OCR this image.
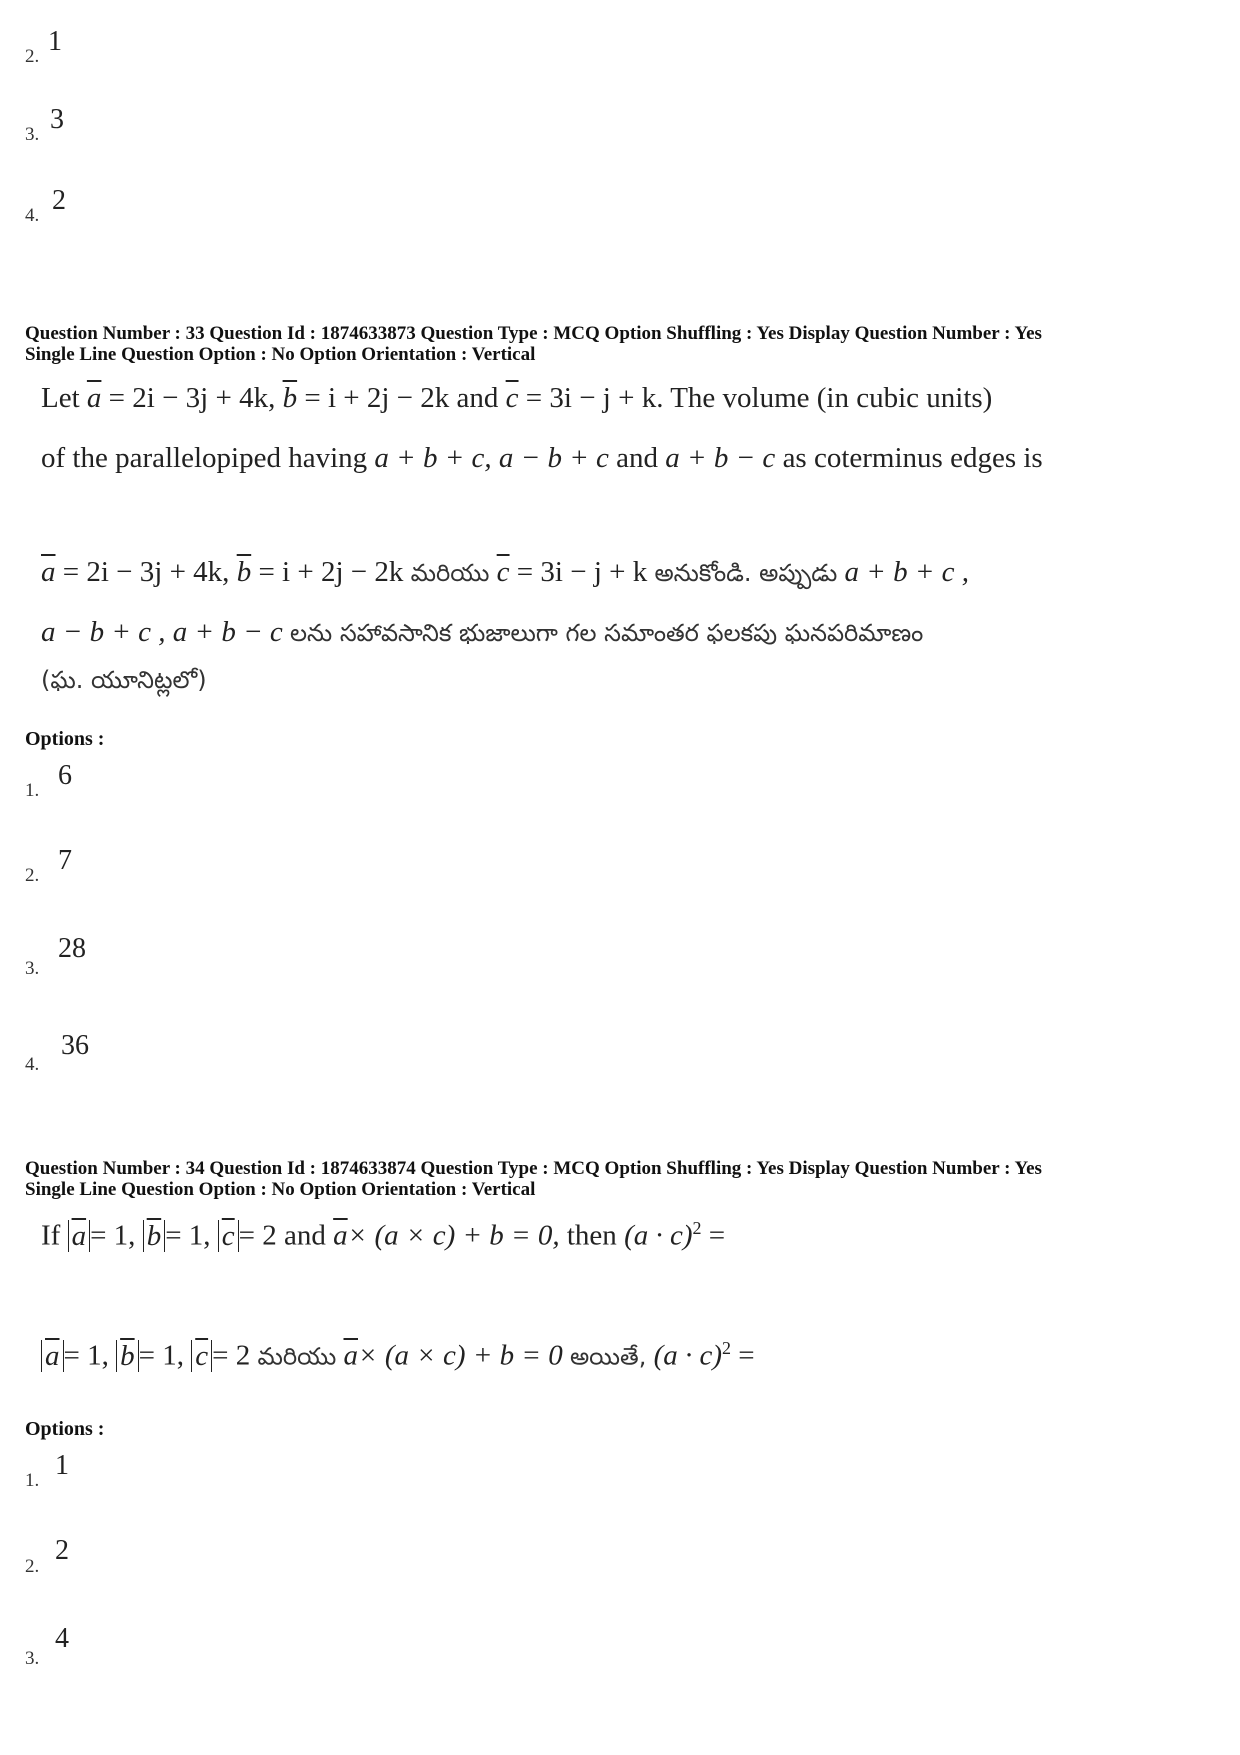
2. 1
3. 3
4. 2
Question Number : 33 Question Id : 1874633873 Question Type : MCQ Option Shuffling : Yes Display Question Number : Yes
Single Line Question Option : No Option Orientation : Vertical
Let $\overline{a} = 2i - 3j + 4k$, $\overline{b} = i + 2j - 2k$ and $\overline{c} = 3i - j + k$. The volume (in cubic units)
of the parallelopiped having a + b + c, a − b + c and a + b − c as coterminus edges is
$\overline{a} = 2i - 3j + 4k$, $\overline{b} = i + 2j - 2k$ మరియు $\overline{c} = 3i - j + k$ అనుకోండి. అప్పుడు a + b + c ,
a − b + c , a + b − c లను సహావసానిక భుజాలుగా గల సమాంతర ఫలకపు ఘనపరిమాణం
(ఘ. యూనిట్లలో)
Options :
1. 6
2. 7
3.
28
4.
36
Question Number : 34 Question Id : 1874633874 Question Type : MCQ Option Shuffling : Yes Display Question Number : Yes
Single Line Question Option : No Option Orientation : Vertical
If $\overline{a} = 1$, $\overline{b} = 1$, $\overline{c} = 2$ and $\overline{a}\times (a \times c) + b = 0$, then $(a \cdot c)^2$ =
$\overline{a} = 1$, $\overline{b} = 1$, $\overline{c} = 2$ మరియు $\overline{a}\times (a \times c) + b = 0$ అయితే, $(a \cdot c)^2$ =
Options :
1. 1
2.
2
3.
4
